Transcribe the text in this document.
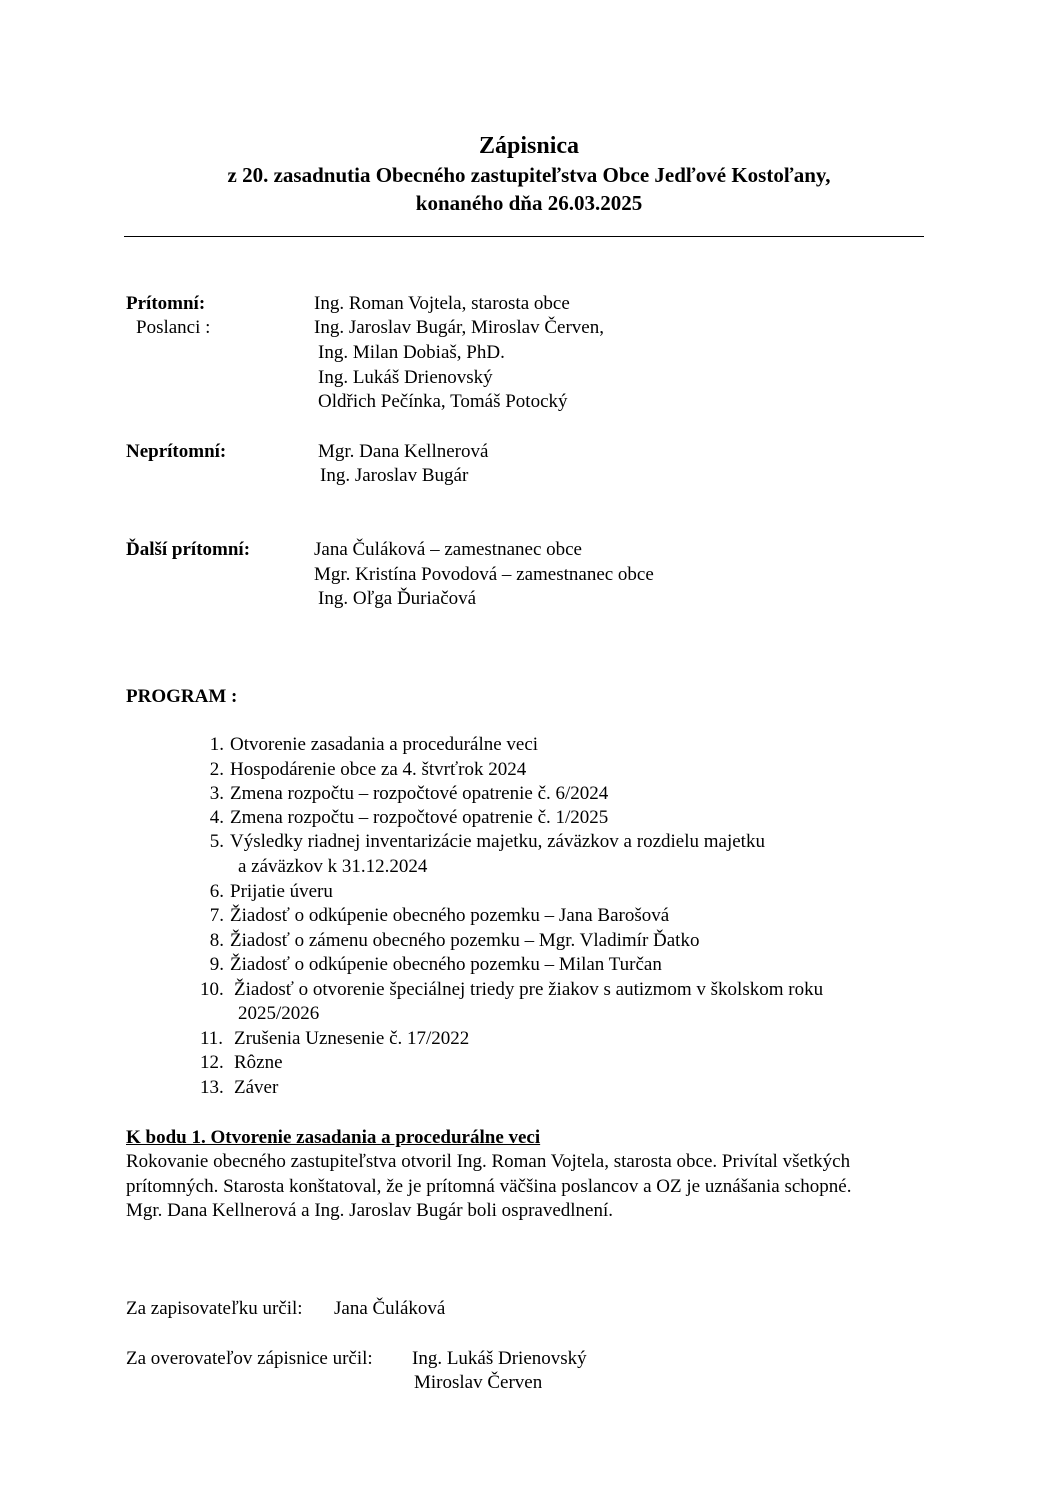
Zápisnica
z 20. zasadnutia Obecného zastupiteľstva Obce Jedľové Kostoľany,
konaného dňa 26.03.2025
Prítomní:	Ing. Roman Vojtela, starosta obce
Poslanci :	Ing. Jaroslav Bugár, Miroslav Červen,
Ing. Milan Dobiaš, PhD.
Ing. Lukáš Drienovský
Oldřich Pečínka, Tomáš Potocký
Neprítomní:	Mgr. Dana Kellnerová
Ing. Jaroslav Bugár
Ďalší prítomní:	Jana Čuláková – zamestnanec obce
Mgr. Kristína Povodová – zamestnanec obce
Ing. Oľga Ďuriačová
PROGRAM :
1. Otvorenie zasadania a procedurálne veci
2. Hospodárenie obce za 4. štvrťrok 2024
3. Zmena rozpočtu – rozpočtové opatrenie č. 6/2024
4. Zmena rozpočtu – rozpočtové opatrenie č. 1/2025
5. Výsledky riadnej inventarizácie majetku, záväzkov a rozdielu majetku
a záväzkov k 31.12.2024
6. Prijatie úveru
7. Žiadosť o odkúpenie obecného pozemku – Jana Barošová
8. Žiadosť o zámenu obecného pozemku – Mgr. Vladimír Ďatko
9. Žiadosť o odkúpenie obecného pozemku – Milan Turčan
10. Žiadosť o otvorenie špeciálnej triedy pre žiakov s autizmom v školskom roku
2025/2026
11. Zrušenia Uznesenie č. 17/2022
12. Rôzne
13. Záver
K bodu 1. Otvorenie zasadania a procedurálne veci
Rokovanie obecného zastupiteľstva otvoril Ing. Roman Vojtela, starosta obce. Privítal všetkých
prítomných. Starosta konštatoval, že je prítomná väčšina poslancov a OZ je uznášania schopné.
Mgr. Dana Kellnerová a Ing. Jaroslav Bugár boli ospravedlnení.
Za zapisovateľku určil: Jana Čuláková
Za overovateľov zápisnice určil: Ing. Lukáš Drienovský
Miroslav Červen
